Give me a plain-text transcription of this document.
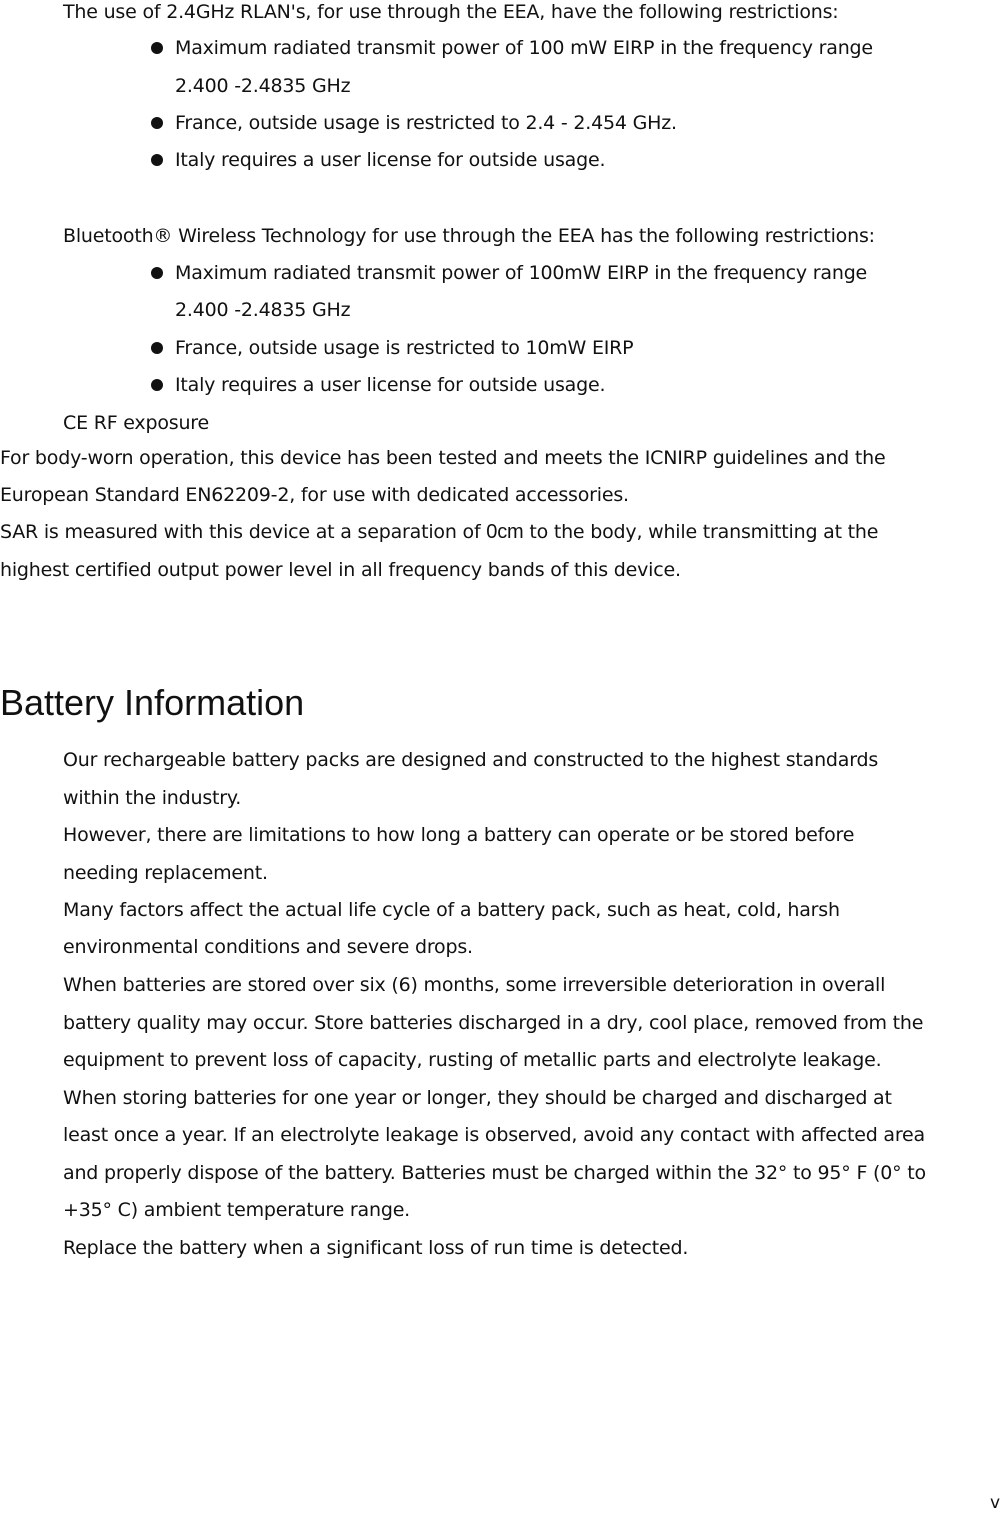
The use of 2.4GHz RLAN's, for use through the EEA, have the following restrictions:
Maximum radiated transmit power of 100 mW EIRP in the frequency range
2.400 -2.4835 GHz
France, outside usage is restricted to 2.4 - 2.454 GHz.
Italy requires a user license for outside usage.
Bluetooth® Wireless Technology for use through the EEA has the following restrictions:
Maximum radiated transmit power of 100mW EIRP in the frequency range
2.400 -2.4835 GHz
France, outside usage is restricted to 10mW EIRP
Italy requires a user license for outside usage.
CE RF exposure
For body-worn operation, this device has been tested and meets the ICNIRP guidelines and the
European Standard EN62209-2, for use with dedicated accessories.
SAR is measured with this device at a separation of 0cm to the body, while transmitting at the
highest certified output power level in all frequency bands of this device.
Battery Information
Our rechargeable battery packs are designed and constructed to the highest standards
within the industry.
However, there are limitations to how long a battery can operate or be stored before
needing replacement.
Many factors affect the actual life cycle of a battery pack, such as heat, cold, harsh
environmental conditions and severe drops.
When batteries are stored over six (6) months, some irreversible deterioration in overall
battery quality may occur. Store batteries discharged in a dry, cool place, removed from the
equipment to prevent loss of capacity, rusting of metallic parts and electrolyte leakage.
When storing batteries for one year or longer, they should be charged and discharged at
least once a year. If an electrolyte leakage is observed, avoid any contact with affected area
and properly dispose of the battery. Batteries must be charged within the 32° to 95° F (0° to
+35° C) ambient temperature range.
Replace the battery when a significant loss of run time is detected.
v
